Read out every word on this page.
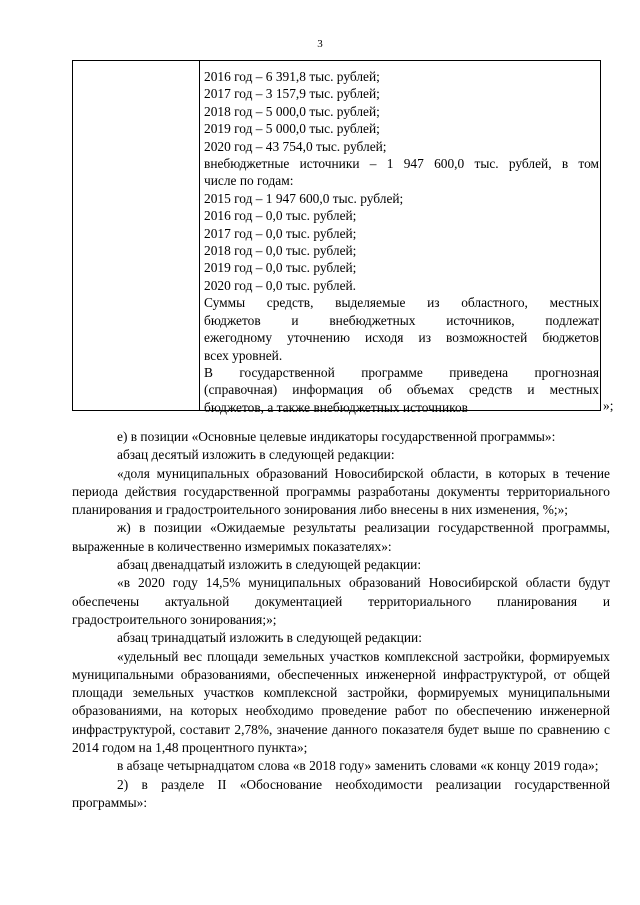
3
2016 год – 6 391,8 тыс. рублей;
2017 год – 3 157,9 тыс. рублей;
2018 год – 5 000,0 тыс. рублей;
2019 год – 5 000,0 тыс. рублей;
2020 год – 43 754,0 тыс. рублей;
внебюджетные источники – 1 947 600,0 тыс. рублей, в том
числе по годам:
2015 год – 1 947 600,0 тыс. рублей;
2016 год – 0,0 тыс. рублей;
2017 год – 0,0 тыс. рублей;
2018 год – 0,0 тыс. рублей;
2019 год – 0,0 тыс. рублей;
2020 год – 0,0 тыс. рублей.
Суммы средств, выделяемые из областного, местных
бюджетов и внебюджетных источников, подлежат
ежегодному уточнению исходя из возможностей бюджетов
всех уровней.
В государственной программе приведена прогнозная
(справочная) информация об объемах средств и местных
бюджетов, а также внебюджетных источников	»;

е) в позиции «Основные целевые индикаторы государственной программы»:

абзац десятый изложить в следующей редакции:

«доля муниципальных образований Новосибирской области, в которых в течение периода действия государственной программы разработаны документы территориального планирования и градостроительного зонирования либо внесены в них изменения, %;»;

ж) в позиции «Ожидаемые результаты реализации государственной программы, выраженные в количественно измеримых показателях»:

абзац двенадцатый изложить в следующей редакции:

«в 2020 году 14,5% муниципальных образований Новосибирской области будут обеспечены актуальной документацией территориального планирования и градостроительного зонирования;»;

абзац тринадцатый изложить в следующей редакции:

«удельный вес площади земельных участков комплексной застройки, формируемых муниципальными образованиями, обеспеченных инженерной инфраструктурой, от общей площади земельных участков комплексной застройки, формируемых муниципальными образованиями, на которых необходимо проведение работ по обеспечению инженерной инфраструктурой, составит 2,78%, значение данного показателя будет выше по сравнению с 2014 годом на 1,48 процентного пункта»;

в абзаце четырнадцатом слова «в 2018 году» заменить словами «к концу 2019 года»;

2) в разделе II «Обоснование необходимости реализации государственной программы»:
